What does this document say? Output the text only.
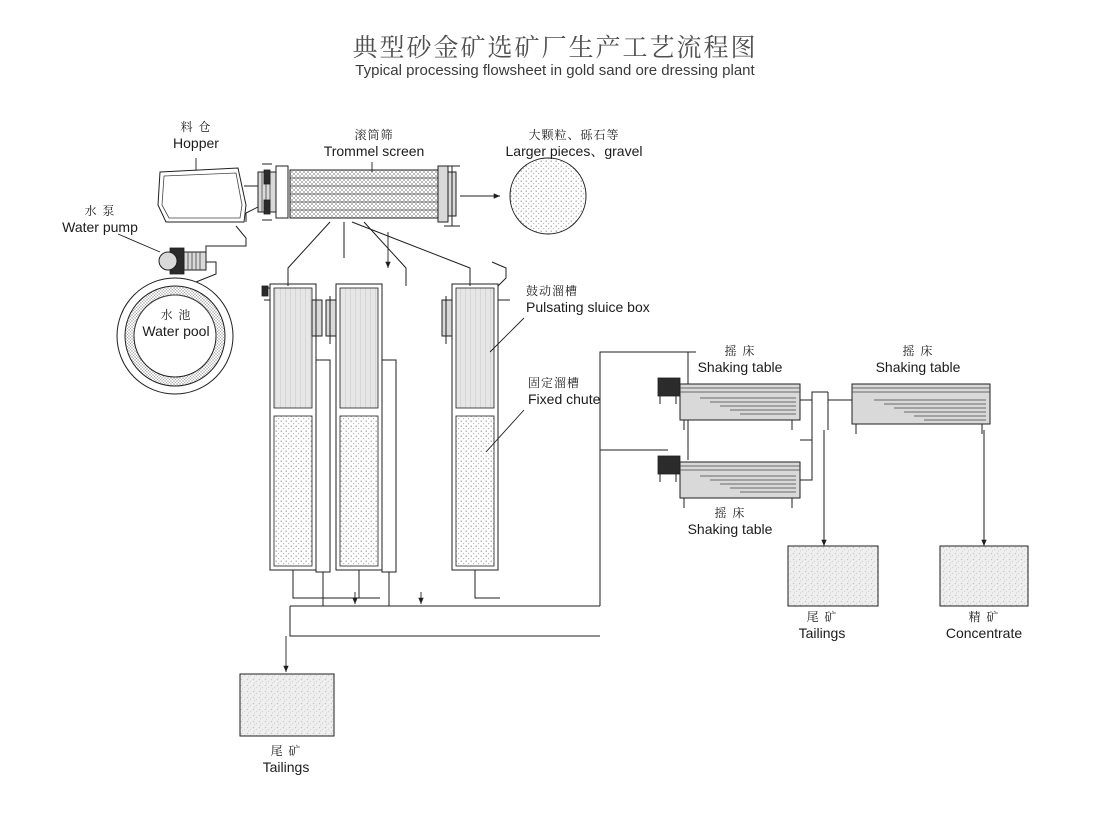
典型砂金矿选矿厂生产工艺流程图
Typical processing flowsheet in gold sand ore dressing plant
料 仓
Hopper	滚筒筛
Trommel screen
大颗粒、砾石等
Larger pieces、gravel
水 泵
Water pump
水 池
Water pool
鼓动溜槽
Pulsating sluice box
固定溜槽
Fixed chute
摇 床
Shaking table
摇 床
Shaking table
摇 床
Shaking table
尾 矿
Tailings
尾 矿
Tailings
精 矿
Concentrate
